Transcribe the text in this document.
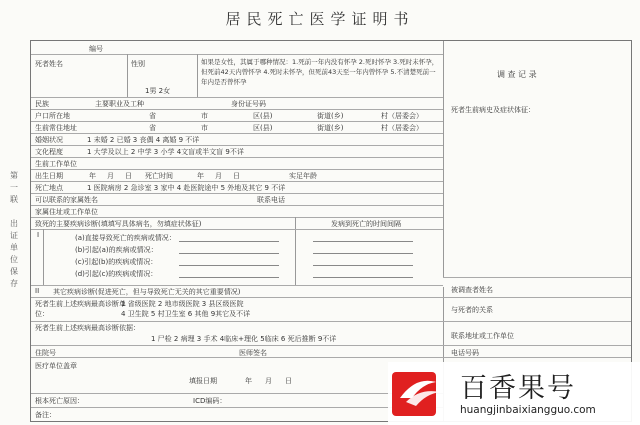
居民死亡医学证明书
第
一
联
出
证
单
位
保
存
编号
死者姓名	性别
1男 2女
如果是女性，其属于哪种情况：1.死前一年内没有怀孕 2.死时怀孕 3.死时未怀孕，但死前42天内曾怀孕 4.死时未怀孕，但死前43天至一年内曾怀孕 5.不清楚死前一年内是否曾怀孕
调 查 记 录
民族	主要职业及工种	身份证号码
死者生前病史及症状体征：
户口所在地	省	市	区(县)	街道(乡)	村（居委会）
生前常住地址	省	市	区(县)	街道(乡)	村（居委会）
婚姻状况	1 未婚 2 已婚 3 丧偶 4 离婚 9 不详
文化程度	1 大学及以上 2 中学 3 小学 4文盲或半文盲 9不详
生前工作单位
出生日期	年 月 日 死亡时间	年 月 日	实足年龄
死亡地点	1 医院病房 2 急诊室 3 家中 4 赴医院途中 5 外地及其它 9 不详
可以联系的家属姓名	联系电话
家属住址或工作单位
致死的主要疾病诊断(填填写具体病名，勿填症状体征)	发病到死亡的时间间隔
I	(a)直接导致死亡的疾病或情况：
(b)引起(a)的疾病或情况：
(c)引起(b)的疾病或情况：
(d)引起(c)的疾病或情况：
II 其它疾病诊断(促进死亡，但与导致死亡无关的其它重要情况)	被调查者姓名
死者生前上述疾病最高诊断单位：
1 省级医院 2 地市级医院 3 县区级医院
4 卫生院 5 村卫生室 6 其他 9其它及不详	与死者的关系
死者生前上述疾病最高诊断依据：
1 尸检 2 病理 3 手术 4临床+理化 5临床 6 死后推断 9不详	联系地址或工作单位
住院号	医师签名	电话号码
医疗单位盖章
填报日期	年 月 日
根本死亡原因：	ICD编码：
备注：
百香果号
huangjinbaixiangguo.com
